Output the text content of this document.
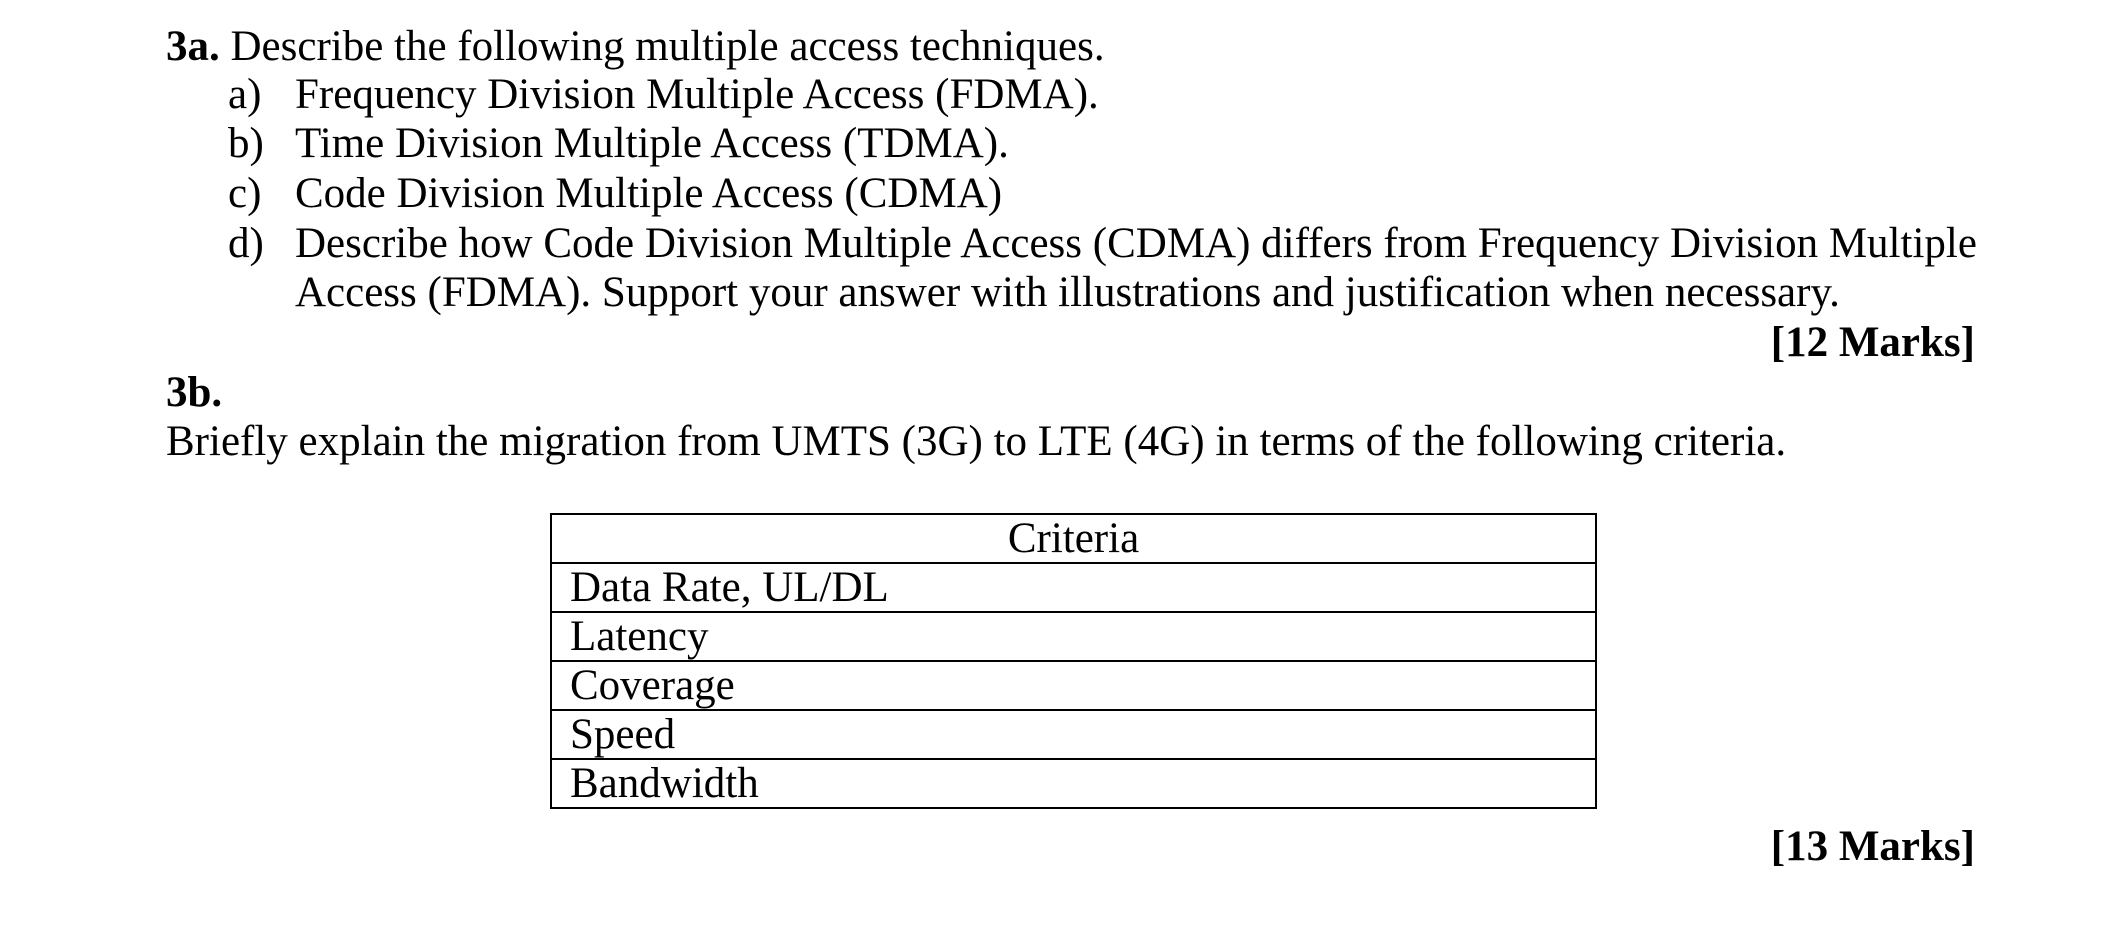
3a. Describe the following multiple access techniques.
a) Frequency Division Multiple Access (FDMA).
b) Time Division Multiple Access (TDMA).
c) Code Division Multiple Access (CDMA)
d) Describe how Code Division Multiple Access (CDMA) differs from Frequency Division Multiple
Access (FDMA). Support your answer with illustrations and justification when necessary.
[12 Marks]
3b.
Briefly explain the migration from UMTS (3G) to LTE (4G) in terms of the following criteria.
Criteria
Data Rate, UL/DL
Latency
Coverage
Speed
Bandwidth
[13 Marks]
